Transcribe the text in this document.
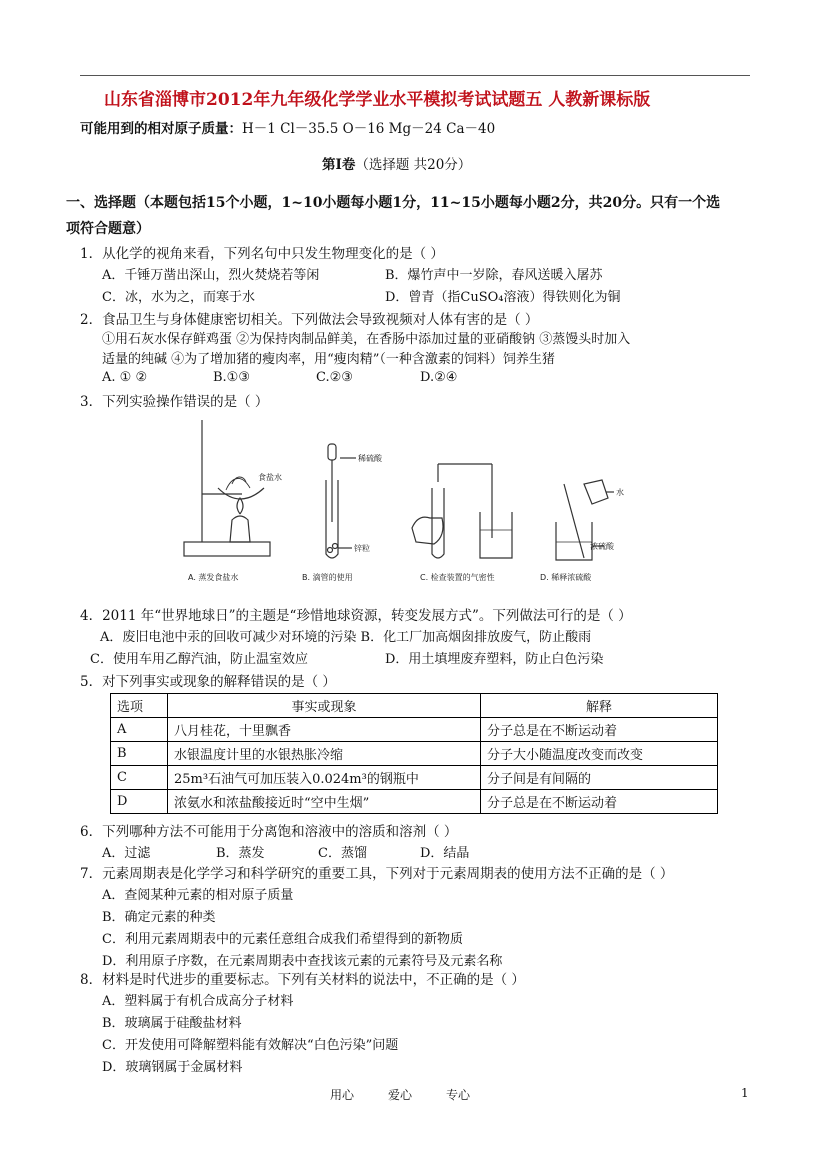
山东省淄博市2012年九年级化学学业水平模拟考试试题五 人教新课标版
可能用到的相对原子质量：H－1 Cl－35.5 O－16 Mg－24 Ca－40
第Ⅰ卷（选择题 共20分）
一、选择题（本题包括15个小题，1~10小题每小题1分，11~15小题每小题2分，共20分。只有一个选
项符合题意）
1．从化学的视角来看，下列名句中只发生物理变化的是（ ）
A．千锤万凿出深山，烈火焚烧若等闲	B．爆竹声中一岁除，春风送暖入屠苏
C．冰，水为之，而寒于水	D．曾青（指CuSO₄溶液）得铁则化为铜
2．食品卫生与身体健康密切相关。下列做法会导致视频对人体有害的是（ ）
①用石灰水保存鲜鸡蛋 ②为保持肉制品鲜美，在香肠中添加过量的亚硝酸钠 ③蒸馒头时加入
适量的纯碱 ④为了增加猪的瘦肉率，用“瘦肉精”（一种含激素的饲料）饲养生猪
A. ① ②	B.①③	C.②③	D.②④
3．下列实验操作错误的是（ ）
食盐水
稀硫酸
锌粒
水
浓硫酸
A. 蒸发食盐水	B. 滴管的使用	C. 检查装置的气密性	D. 稀释浓硫酸
4．2011 年“世界地球日”的主题是“珍惜地球资源，转变发展方式”。下列做法可行的是（ ）
A．废旧电池中汞的回收可减少对环境的污染 B．化工厂加高烟囱排放废气，防止酸雨
C．使用车用乙醇汽油，防止温室效应	D．用土填埋废弃塑料，防止白色污染
5．对下列事实或现象的解释错误的是（ ）
选项	事实或现象	解释
A	八月桂花，十里飘香	分子总是在不断运动着
B	水银温度计里的水银热胀冷缩	分子大小随温度改变而改变
C	25m³石油气可加压装入0.024m³的钢瓶中	分子间是有间隔的
D	浓氨水和浓盐酸接近时“空中生烟”	分子总是在不断运动着
6．下列哪种方法不可能用于分离饱和溶液中的溶质和溶剂（ ）
A．过滤	B．蒸发	C．蒸馏	D．结晶
7．元素周期表是化学学习和科学研究的重要工具，下列对于元素周期表的使用方法不正确的是（ ）
A．查阅某种元素的相对原子质量
B．确定元素的种类
C．利用元素周期表中的元素任意组合成我们希望得到的新物质
D．利用原子序数，在元素周期表中查找该元素的元素符号及元素名称
8．材料是时代进步的重要标志。下列有关材料的说法中，不正确的是（ ）
A．塑料属于有机合成高分子材料
B．玻璃属于硅酸盐材料
C．开发使用可降解塑料能有效解决“白色污染”问题
D．玻璃钢属于金属材料
用心	爱心	专心	1
